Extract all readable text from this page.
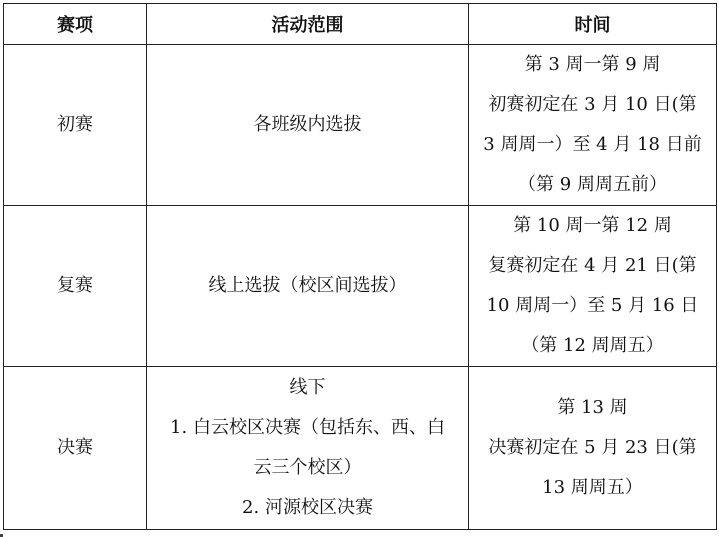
赛项	活动范围	时间

初赛	各班级内选拔	第 3 周一第 9 周
初赛初定在 3 月 10 日(第
3 周周一）至 4 月 18 日前
（第 9 周周五前）

复赛	线上选拔（校区间选拔）	第 10 周一第 12 周
复赛初定在 4 月 21 日(第
10 周周一）至 5 月 16 日
（第 12 周周五）

决赛	线下
1. 白云校区决赛（包括东、西、白
云三个校区）
2. 河源校区决赛	第 13 周
决赛初定在 5 月 23 日(第
13 周周五）
